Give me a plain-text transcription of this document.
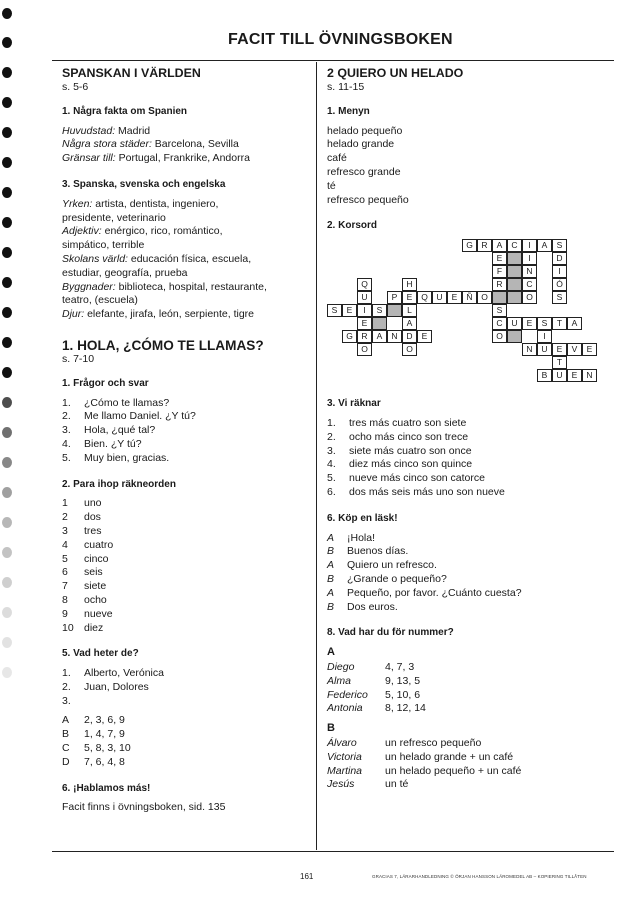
FACIT TILL ÖVNINGSBOKEN
SPANSKAN I VÄRLDEN
s. 5-6
1. Några fakta om Spanien
Huvudstad: Madrid
Några stora städer: Barcelona, Sevilla
Gränsar till: Portugal, Frankrike, Andorra
3. Spanska, svenska och engelska
Yrken: artista, dentista, ingeniero,
presidente, veterinario
Adjektiv: enérgico, rico, romántico,
simpático, terrible
Skolans värld: educación física, escuela,
estudiar, geografía, prueba
Byggnader: biblioteca, hospital, restaurante,
teatro, (escuela)
Djur: elefante, jirafa, león, serpiente, tigre
1. HOLA, ¿CÓMO TE LLAMAS?
s. 7-10
1. Frågor och svar
1.	¿Cómo te llamas?
2.	Me llamo Daniel. ¿Y tú?
3.	Hola, ¿qué tal?
4.	Bien. ¿Y tú?
5.	Muy bien, gracias.
2. Para ihop räkneorden
1	uno
2	dos
3	tres
4	cuatro
5	cinco
6	seis
7	siete
8	ocho
9	nueve
10	diez
5. Vad heter de?
1.	Alberto, Verónica
2.	Juan, Dolores
3.	
A	2, 3, 6, 9
B	1, 4, 7, 9
C	5, 8, 3, 10
D	7, 6, 4, 8
6. ¡Hablamos más!
Facit finns i övningsboken, sid. 135
2 QUIERO UN HELADO
s. 11-15
1. Menyn
helado pequeño
helado grande
café
refresco grande
té
refresco pequeño
2. Korsord
G	R	A	C	I	A	S
E	I	D
F	N	I
Q	H	R	C	Ó
U	P	E	Q	U	E	Ñ	O	O	S
S	E	I	S	L	S
E	A	C	U	E	S	T	A
G	R	A	N	D	E	O	I
O	O	N	U	E	V	E
T
B	U	E	N
3. Vi räknar
1.	tres más cuatro son siete
2.	ocho más cinco son trece
3.	siete más cuatro son once
4.	diez más cinco son quince
5.	nueve más cinco son catorce
6.	dos más seis más uno son nueve
6. Köp en läsk!
A	¡Hola!
B	Buenos días.
A	Quiero un refresco.
B	¿Grande o pequeño?
A	Pequeño, por favor. ¿Cuánto cuesta?
B	Dos euros.
8. Vad har du för nummer?
A
Diego	4, 7, 3
Alma	9, 13, 5
Federico	5, 10, 6
Antonia	8, 12, 14
B
Álvaro	un refresco pequeño
Victoria	un helado grande + un café
Martina	un helado pequeño + un café
Jesús	un té
161	GRACIAS 7, LÄRARHANDLEDNING © ÖRJAN HANSSON LÄROMEDEL AB – KOPIERING TILLÅTEN
